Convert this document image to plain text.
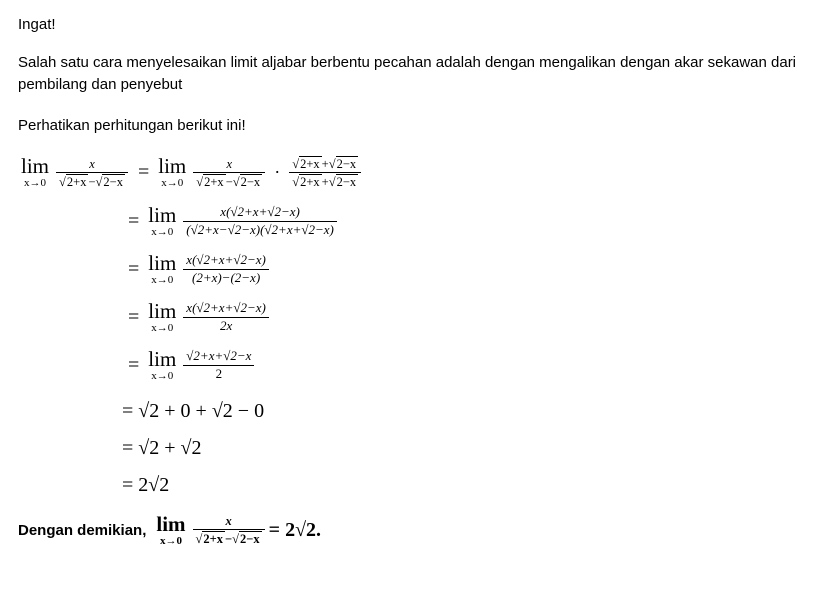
Ingat!

Salah satu cara menyelesaikan limit aljabar berbentu pecahan adalah dengan mengalikan dengan akar sekawan dari pembilang dan penyebut

Perhatikan perhitungan berikut ini!

lim
$x\to 0 \frac{x}{√2+x -√2-x} = \lim$
$x\to 0 \frac{x}{√2+x -√2-x} \cdot \frac{√2+x +√2-x}{√2+x +√2-x}$
= lim
$x\to 0 \frac{x(√2+x+√2-x)}{(√2+x-√2-x)(√2+x+√2-x)}$
= lim
$x\to 0 \frac{x(√2+x+√2-x)}{(2+x)-(2-x)}$
= lim
$x\to 0 \frac{x(√2+x+√2-x)}{2x}$
= lim
$x\to 0 \frac{√2+x+√2-x}{2}$
= √2 + 0 + √2 − 0
= √2 + √2
= 2√2
Dengan demikian, lim
$x\to 0 \frac{x}{√2+x -√2-x} = 2√2$.
